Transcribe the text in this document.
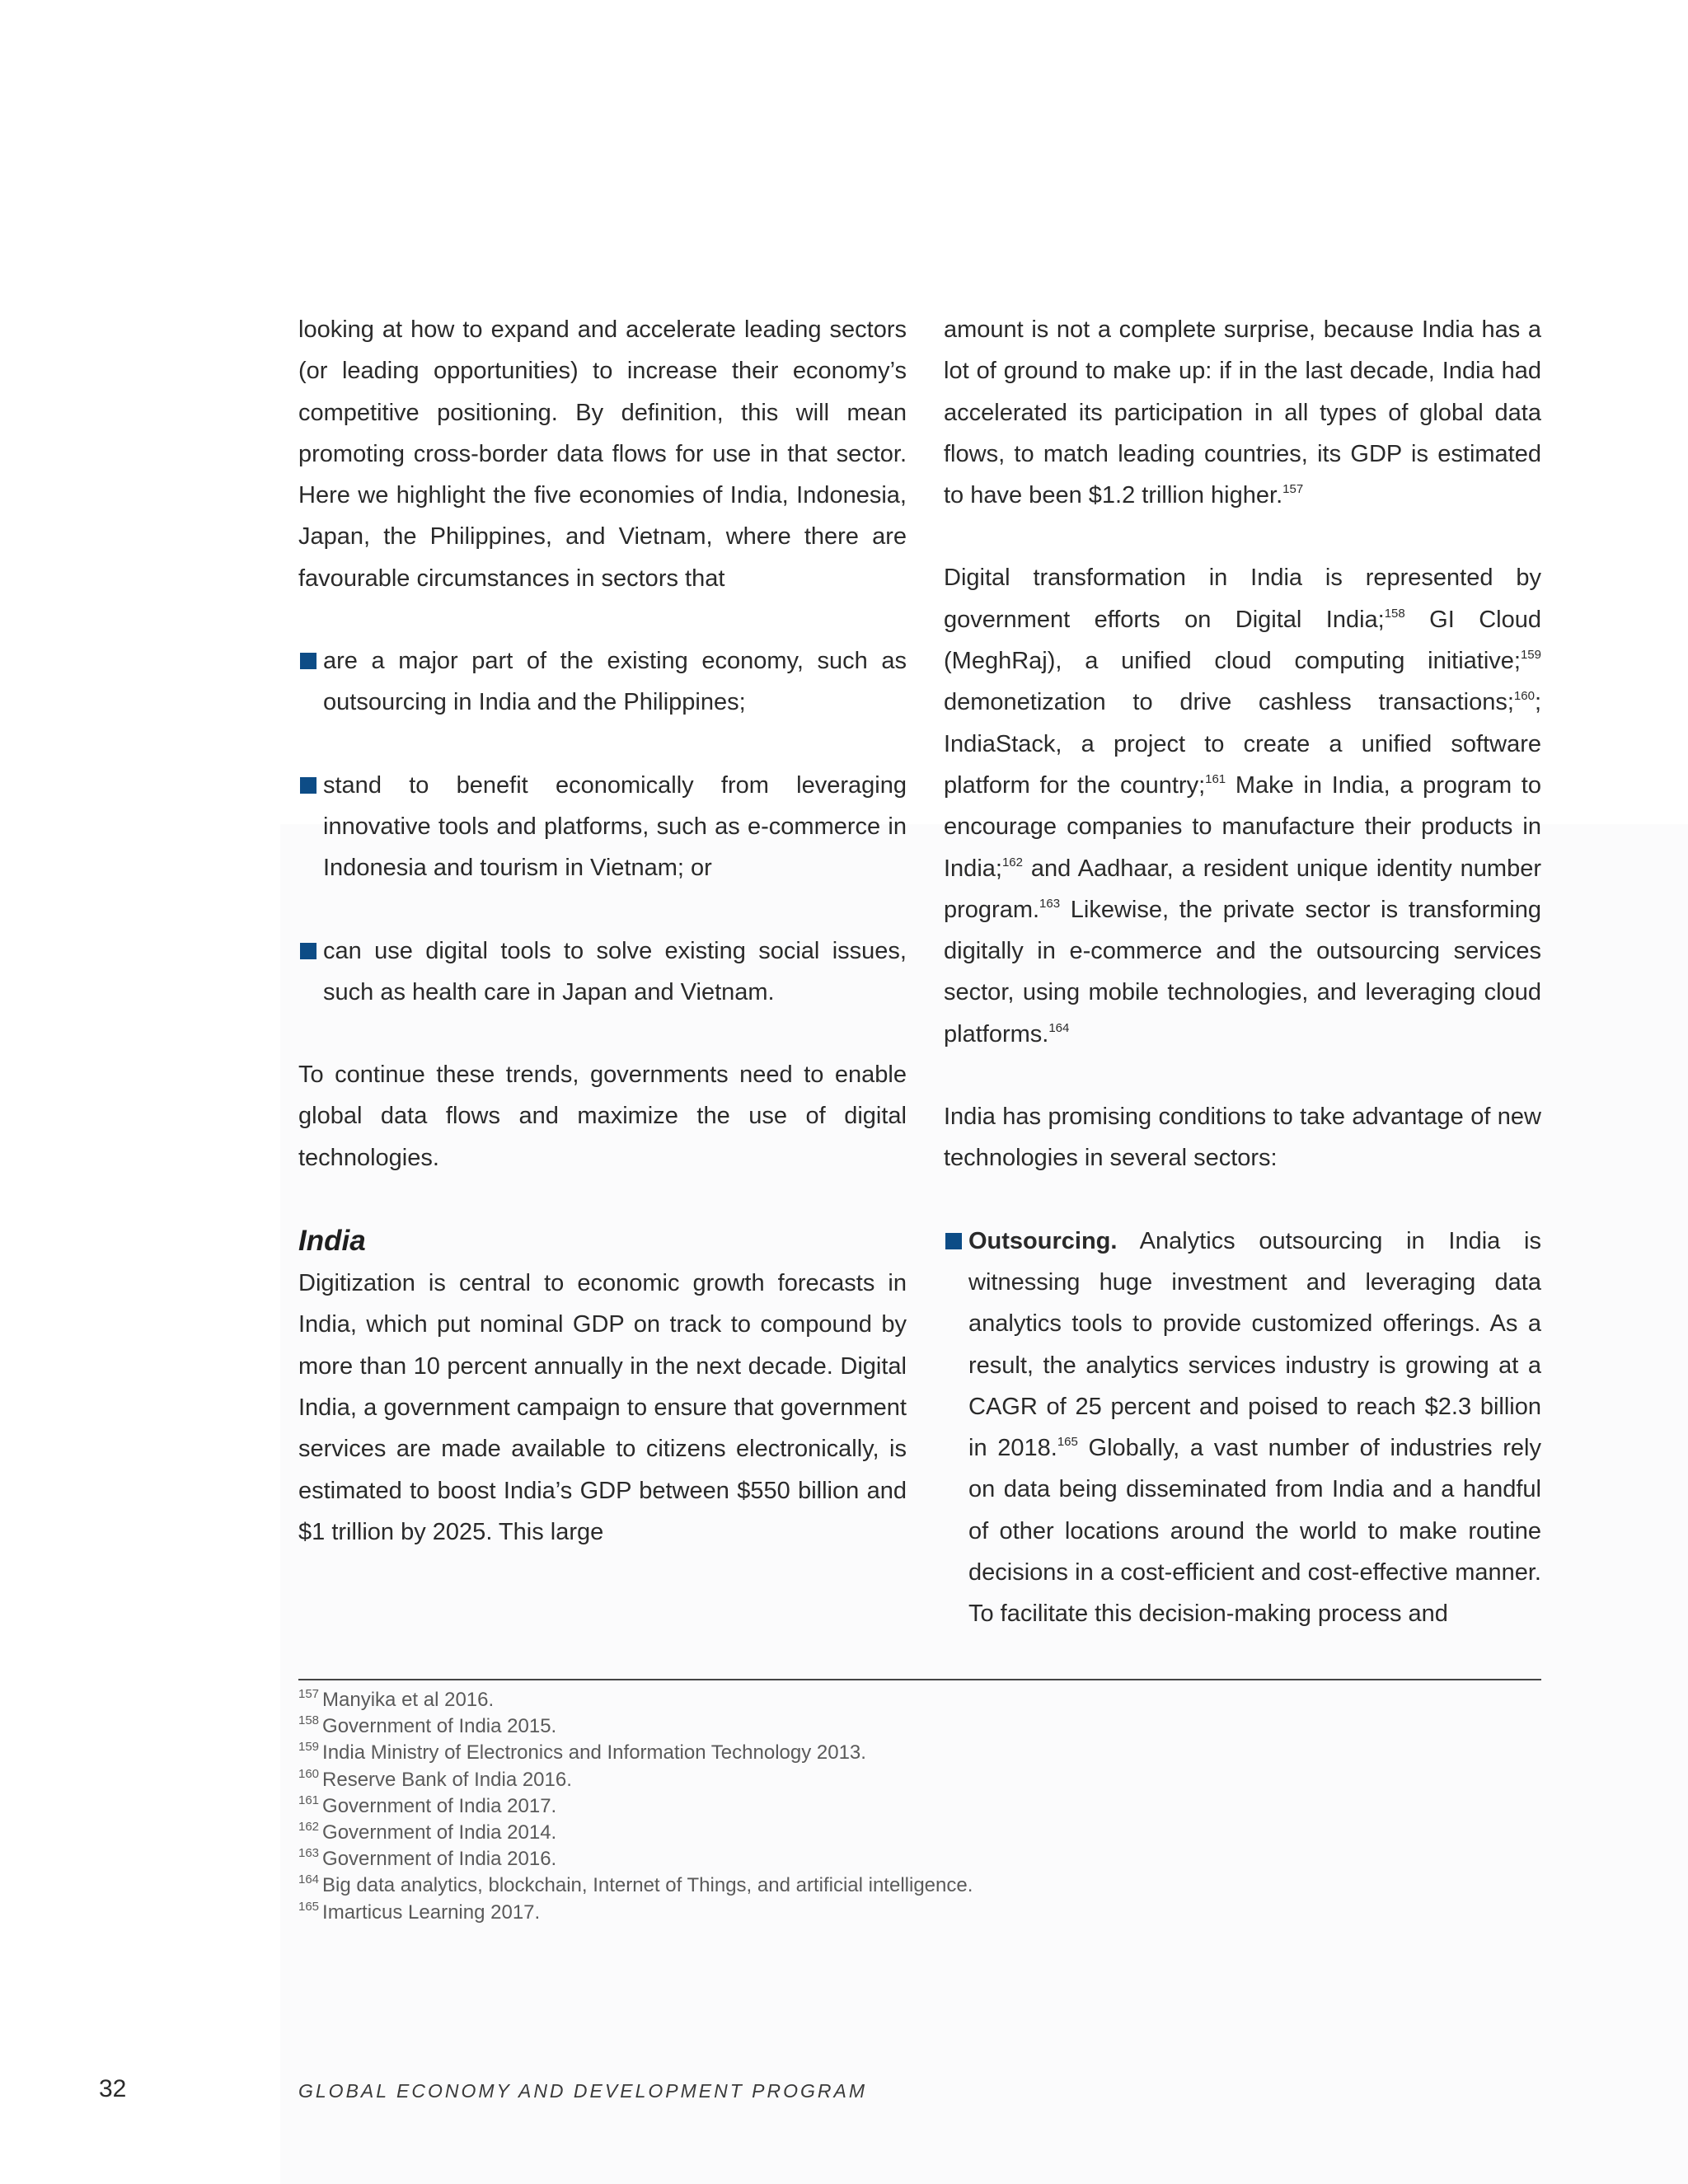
looking at how to expand and accelerate leading sectors (or leading opportunities) to increase their economy’s competitive positioning. By definition, this will mean promoting cross-border data flows for use in that sector. Here we highlight the five economies of India, Indonesia, Japan, the Philippines, and Vietnam, where there are favourable circumstances in sectors that

are a major part of the existing economy, such as outsourcing in India and the Philippines;
stand to benefit economically from leveraging innovative tools and platforms, such as e-commerce in Indonesia and tourism in Vietnam; or
can use digital tools to solve existing social issues, such as health care in Japan and Vietnam.

To continue these trends, governments need to enable global data flows and maximize the use of digital technologies.

India

Digitization is central to economic growth forecasts in India, which put nominal GDP on track to compound by more than 10 percent annually in the next decade. Digital India, a government campaign to ensure that government services are made available to citizens electronically, is estimated to boost India’s GDP between $550 billion and $1 trillion by 2025. This large

amount is not a complete surprise, because India has a lot of ground to make up: if in the last decade, India had accelerated its participation in all types of global data flows, to match leading countries, its GDP is estimated to have been $1.2 trillion higher.$^{157}$

Digital transformation in India is represented by government efforts on Digital India;$^{158}$ GI Cloud (MeghRaj), a unified cloud computing initiative;$^{159}$ demonetization to drive cashless transactions;$^{160}$; IndiaStack, a project to create a unified software platform for the country;$^{161}$ Make in India, a program to encourage companies to manufacture their products in India;$^{162}$ and Aadhaar, a resident unique identity number program.$^{163}$ Likewise, the private sector is transforming digitally in e-commerce and the outsourcing services sector, using mobile technologies, and leveraging cloud platforms.$^{164}$

India has promising conditions to take advantage of new technologies in several sectors:

Outsourcing. Analytics outsourcing in India is witnessing huge investment and leveraging data analytics tools to provide customized offerings. As a result, the analytics services industry is growing at a CAGR of 25 percent and poised to reach $2.3 billion in 2018.$^{165}$ Globally, a vast number of industries rely on data being disseminated from India and a handful of other locations around the world to make routine decisions in a cost-efficient and cost-effective manner. To facilitate this decision-making process and

$^{157}$ Manyika et al 2016.

$^{158}$ Government of India 2015.

$^{159}$ India Ministry of Electronics and Information Technology 2013.

$^{160}$ Reserve Bank of India 2016.

$^{161}$ Government of India 2017.

$^{162}$ Government of India 2014.

$^{163}$ Government of India 2016.

$^{164}$ Big data analytics, blockchain, Internet of Things, and artificial intelligence.

$^{165}$ Imarticus Learning 2017.

32	GLOBAL ECONOMY AND DEVELOPMENT PROGRAM
